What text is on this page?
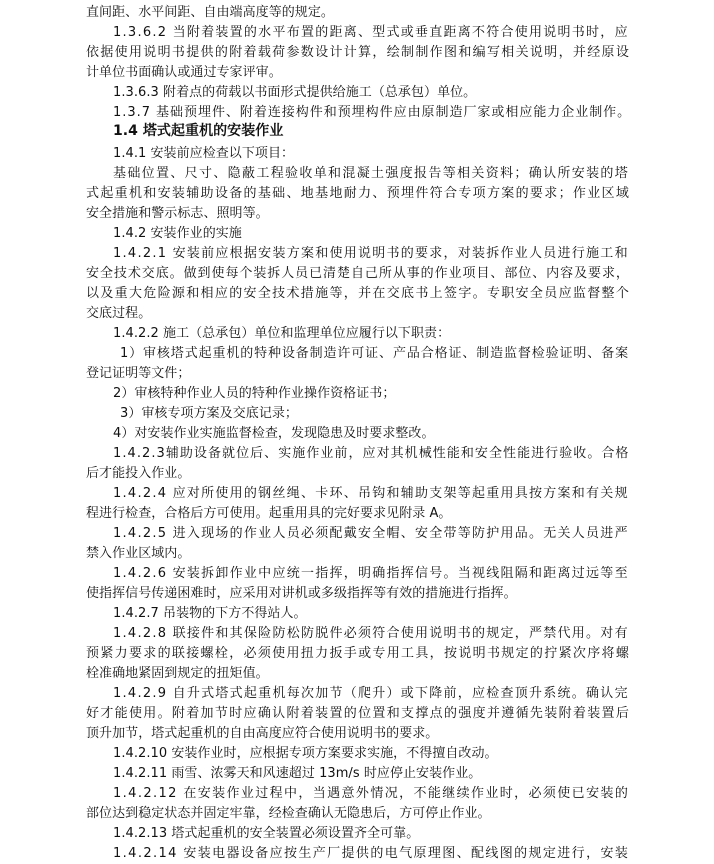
直间距、水平间距、自由端高度等的规定。
1.3.6.2 当附着装置的水平布置的距离、型式或垂直距离不符合使用说明书时，应
依据使用说明书提供的附着载荷参数设计计算，绘制制作图和编写相关说明，并经原设
计单位书面确认或通过专家评审。
1.3.6.3 附着点的荷载以书面形式提供给施工（总承包）单位。
1.3.7 基础预埋件、附着连接构件和预埋构件应由原制造厂家或相应能力企业制作。
1.4 塔式起重机的安装作业
1.4.1 安装前应检查以下项目：
基础位置、尺寸、隐蔽工程验收单和混凝土强度报告等相关资料；确认所安装的塔
式起重机和安装辅助设备的基础、地基地耐力、预埋件符合专项方案的要求；作业区域
安全措施和警示标志、照明等。
1.4.2 安装作业的实施
1.4.2.1 安装前应根据安装方案和使用说明书的要求，对装拆作业人员进行施工和
安全技术交底。做到使每个装拆人员已清楚自己所从事的作业项目、部位、内容及要求，
以及重大危险源和相应的安全技术措施等，并在交底书上签字。专职安全员应监督整个
交底过程。
1.4.2.2 施工（总承包）单位和监理单位应履行以下职责：
1）审核塔式起重机的特种设备制造许可证、产品合格证、制造监督检验证明、备案
登记证明等文件；
2）审核特种作业人员的特种作业操作资格证书；
3）审核专项方案及交底记录；
4）对安装作业实施监督检查，发现隐患及时要求整改。
1.4.2.3辅助设备就位后、实施作业前，应对其机械性能和安全性能进行验收。合格
后才能投入作业。
1.4.2.4 应对所使用的钢丝绳、卡环、吊钩和辅助支架等起重用具按方案和有关规
程进行检查，合格后方可使用。起重用具的完好要求见附录 A。
1.4.2.5 进入现场的作业人员必须配戴安全帽、安全带等防护用品。无关人员进严
禁入作业区域内。
1.4.2.6 安装拆卸作业中应统一指挥，明确指挥信号。当视线阻隔和距离过远等至
使指挥信号传递困难时，应采用对讲机或多级指挥等有效的措施进行指挥。
1.4.2.7 吊装物的下方不得站人。
1.4.2.8 联接件和其保险防松防脱件必须符合使用说明书的规定，严禁代用。对有
预紧力要求的联接螺栓，必须使用扭力扳手或专用工具，按说明书规定的拧紧次序将螺
栓准确地紧固到规定的扭矩值。
1.4.2.9 自升式塔式起重机每次加节（爬升）或下降前，应检查顶升系统。确认完
好才能使用。附着加节时应确认附着装置的位置和支撑点的强度并遵循先装附着装置后
顶升加节，塔式起重机的自由高度应符合使用说明书的要求。
1.4.2.10 安装作业时，应根据专项方案要求实施，不得擅自改动。
1.4.2.11 雨雪、浓雾天和风速超过 13m/s 时应停止安装作业。
1.4.2.12 在安装作业过程中，当遇意外情况，不能继续作业时，必须使已安装的
部位达到稳定状态并固定牢靠，经检查确认无隐患后，方可停止作业。
1.4.2.13 塔式起重机的安全装置必须设置齐全可靠。
1.4.2.14 安装电器设备应按生产厂提供的电气原理图、配线图的规定进行，安装
